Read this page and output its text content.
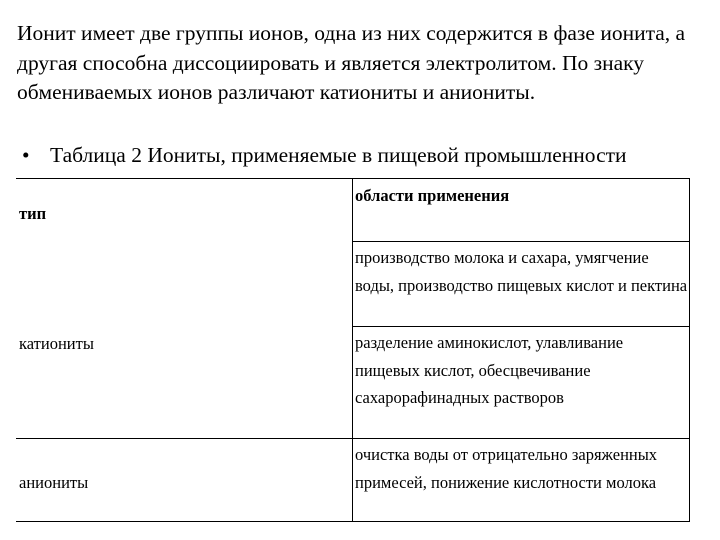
Ионит имеет две группы ионов, одна из них содержится в фазе ионита, а другая способна диссоциировать и является электролитом. По знаку обмениваемых ионов различают катиониты и аниониты.

• Таблица 2 Иониты, применяемые в пищевой промышленности
тип
области применения
катиониты
производство молока и сахара, умягчение воды, производство пищевых кислот и пектина
разделение аминокислот, улавливание пищевых кислот, обесцвечивание сахарорафинадных растворов
аниониты
очистка воды от отрицательно заряженных примесей, понижение кислотности молока
